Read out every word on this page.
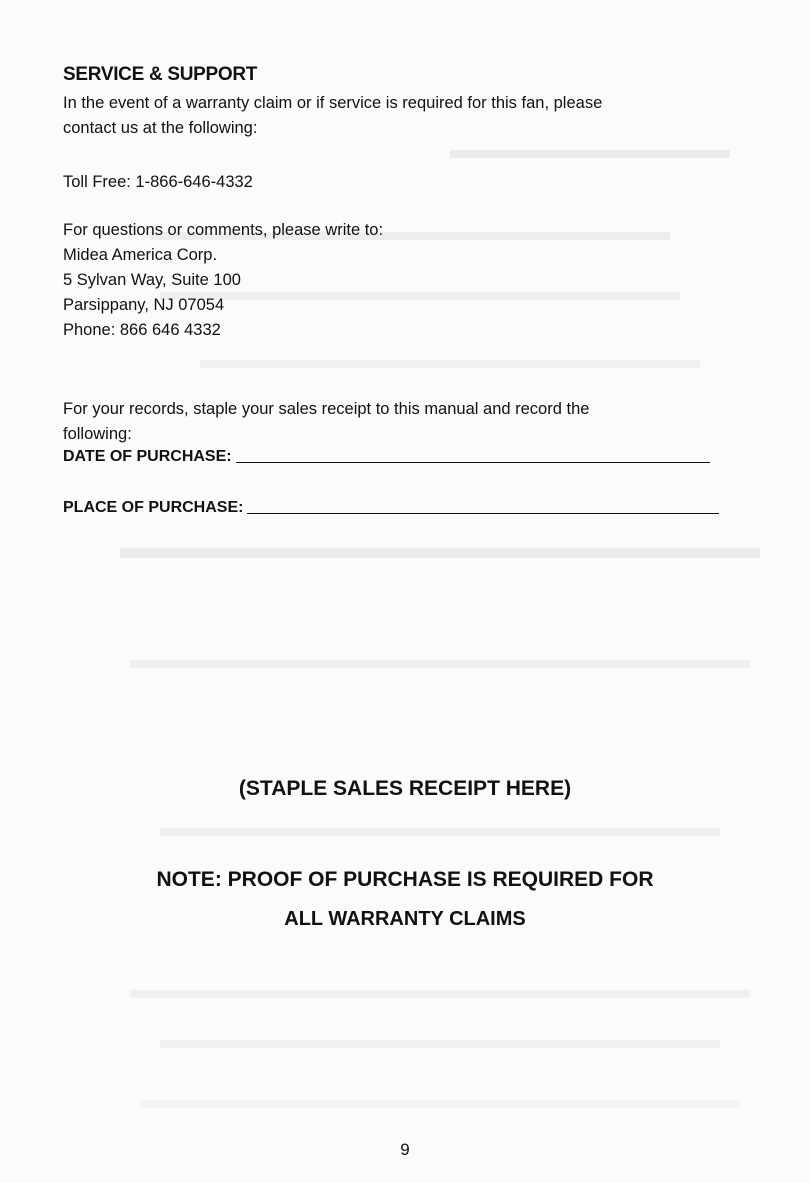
SERVICE & SUPPORT
In the event of a warranty claim or if service is required for this fan, please
contact us at the following:
Toll Free: 1-866-646-4332
For questions or comments, please write to:
Midea America Corp.
5 Sylvan Way, Suite 100
Parsippany, NJ 07054
Phone: 866 646 4332
For your records, staple your sales receipt to this manual and record the
following:
DATE OF PURCHASE:
PLACE OF PURCHASE:
(STAPLE SALES RECEIPT HERE)
NOTE: PROOF OF PURCHASE IS REQUIRED FOR
ALL WARRANTY CLAIMS
9
